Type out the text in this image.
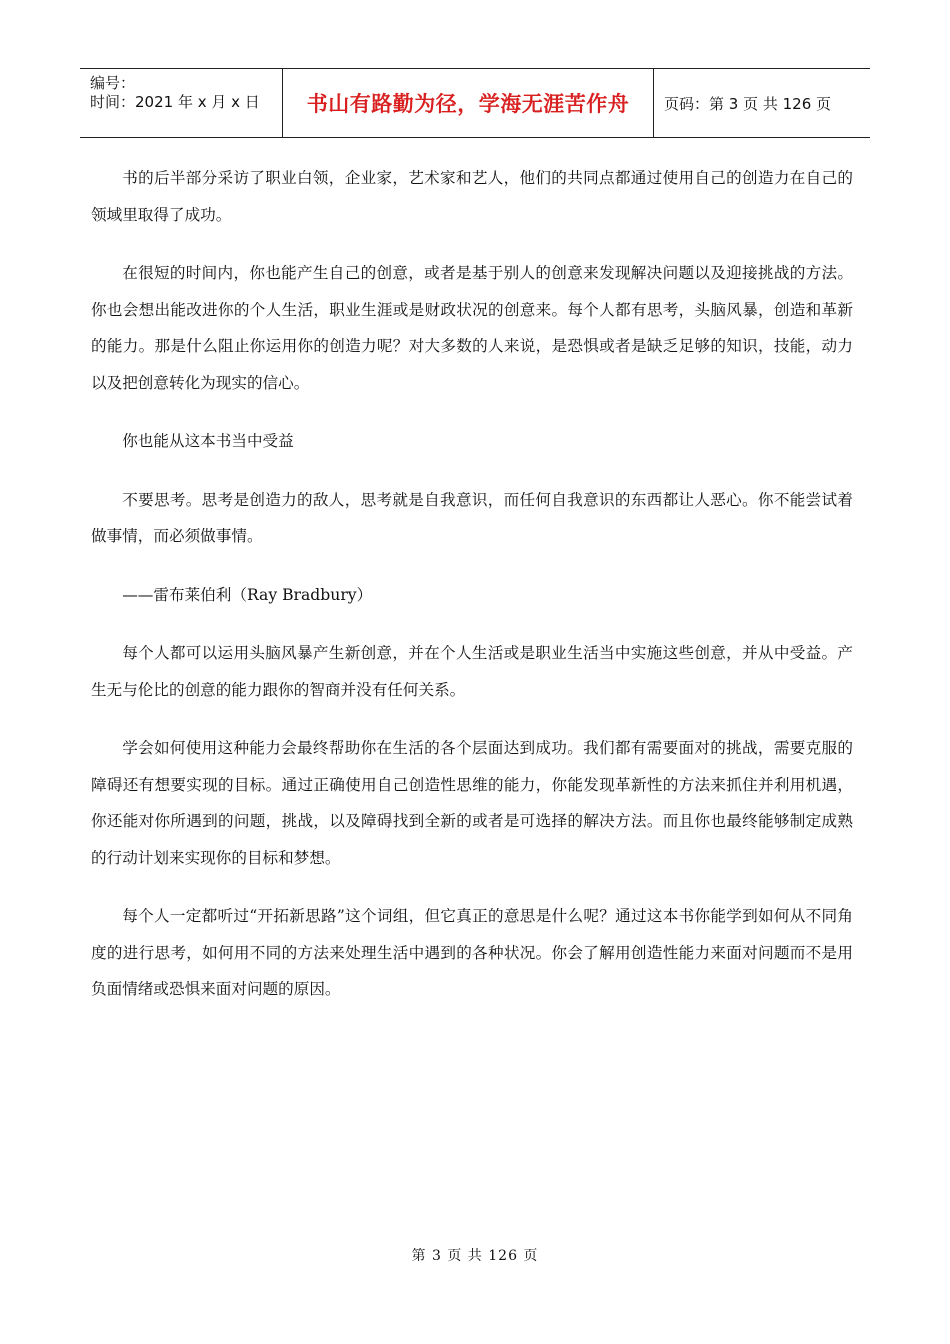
编号：
时间：2021 年 x 月 x 日 书山有路勤为径，学海无涯苦作舟 页码：第 3 页 共 126 页

书的后半部分采访了职业白领，企业家，艺术家和艺人，他们的共同点都通过使用自己的创造力在自己的领域里取得了成功。

在很短的时间内，你也能产生自己的创意，或者是基于别人的创意来发现解决问题以及迎接挑战的方法。你也会想出能改进你的个人生活，职业生涯或是财政状况的创意来。每个人都有思考，头脑风暴，创造和革新的能力。那是什么阻止你运用你的创造力呢？对大多数的人来说，是恐惧或者是缺乏足够的知识，技能，动力以及把创意转化为现实的信心。

你也能从这本书当中受益

不要思考。思考是创造力的敌人，思考就是自我意识，而任何自我意识的东西都让人恶心。你不能尝试着做事情，而必须做事情。

——雷布莱伯利（Ray Bradbury）

每个人都可以运用头脑风暴产生新创意，并在个人生活或是职业生活当中实施这些创意，并从中受益。产生无与伦比的创意的能力跟你的智商并没有任何关系。

学会如何使用这种能力会最终帮助你在生活的各个层面达到成功。我们都有需要面对的挑战，需要克服的障碍还有想要实现的目标。通过正确使用自己创造性思维的能力，你能发现革新性的方法来抓住并利用机遇，你还能对你所遇到的问题，挑战，以及障碍找到全新的或者是可选择的解决方法。而且你也最终能够制定成熟的行动计划来实现你的目标和梦想。

每个人一定都听过“开拓新思路”这个词组，但它真正的意思是什么呢？通过这本书你能学到如何从不同角度的进行思考，如何用不同的方法来处理生活中遇到的各种状况。你会了解用创造性能力来面对问题而不是用负面情绪或恐惧来面对问题的原因。

第 3 页 共 126 页
